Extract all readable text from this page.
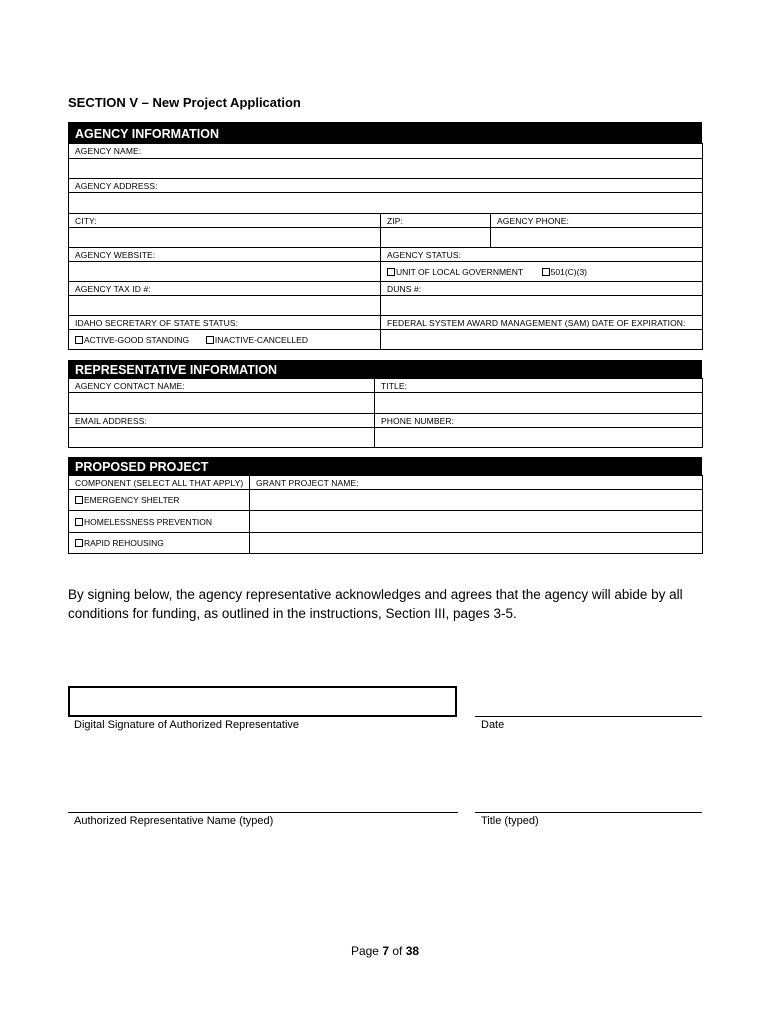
SECTION V – New Project Application
AGENCY INFORMATION
AGENCY NAME:		

AGENCY ADDRESS:		

CITY:	ZIP:	AGENCY PHONE:

AGENCY WEBSITE:	AGENCY STATUS:	
	UNIT OF LOCAL GOVERNMENT 501(C)(3)	
AGENCY TAX ID #:	DUNS #:	

IDAHO SECRETARY OF STATE STATUS:	FEDERAL SYSTEM AWARD MANAGEMENT (SAM) DATE OF EXPIRATION:	
ACTIVE-GOOD STANDING INACTIVE-CANCELLED		
REPRESENTATIVE INFORMATION
AGENCY CONTACT NAME:	TITLE:

EMAIL ADDRESS:	PHONE NUMBER:

PROPOSED PROJECT
COMPONENT (SELECT ALL THAT APPLY)	GRANT PROJECT NAME:
EMERGENCY SHELTER	
HOMELESSNESS PREVENTION	
RAPID REHOUSING	
By signing below, the agency representative acknowledges and agrees that the agency will abide by all conditions for funding, as outlined in the instructions, Section III, pages 3-5.
Digital Signature of Authorized Representative	Date
Authorized Representative Name (typed)	Title (typed)
Page 7 of 38
